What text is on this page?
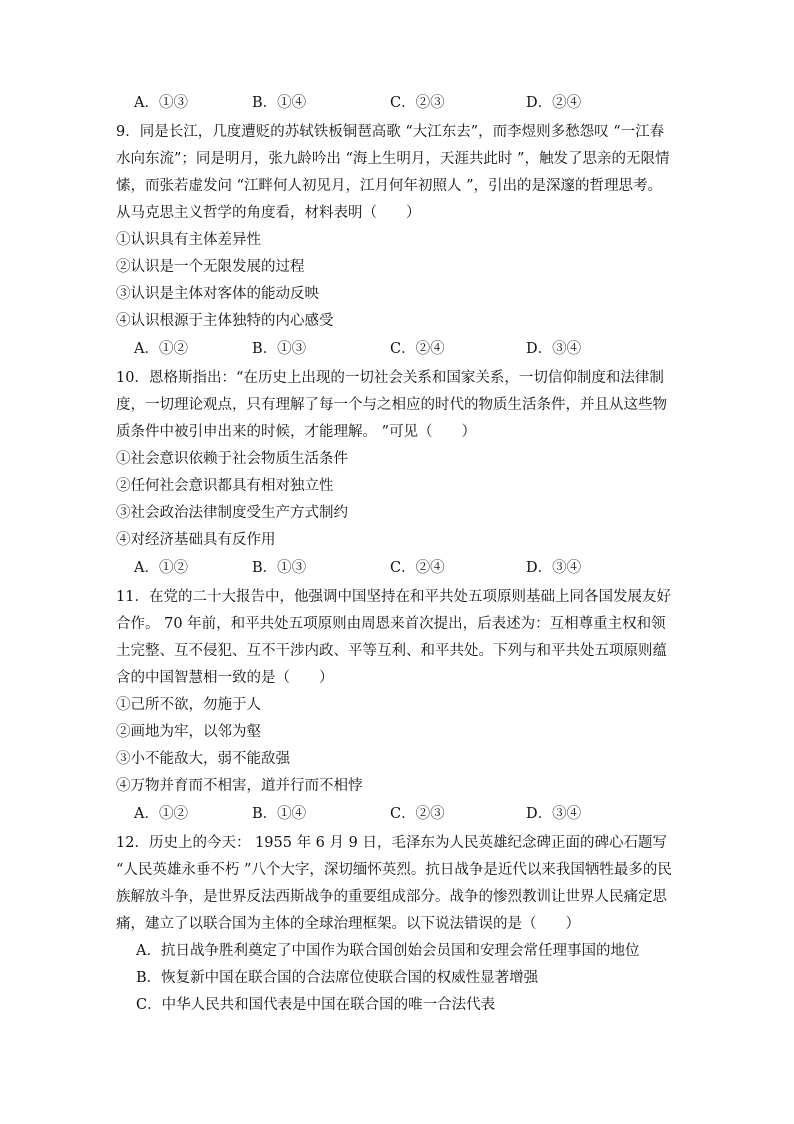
A．①③	B．①④	C．②③	D．②④
9．同是长江，几度遭贬的苏轼铁板铜琶高歌 “大江东去”，而李煜则多愁怨叹 “一江春
水向东流”；同是明月，张九龄吟出 “海上生明月，天涯共此时 ”，触发了思亲的无限情
愫，而张若虚发问 “江畔何人初见月，江月何年初照人 ”，引出的是深邃的哲理思考。
从马克思主义哲学的角度看，材料表明（　　）
①认识具有主体差异性
②认识是一个无限发展的过程
③认识是主体对客体的能动反映
④认识根源于主体独特的内心感受
A．①②	B．①③	C．②④	D．③④
10．恩格斯指出：“在历史上出现的一切社会关系和国家关系，一切信仰制度和法律制
度，一切理论观点，只有理解了每一个与之相应的时代的物质生活条件，并且从这些物
质条件中被引申出来的时候，才能理解。 ”可见（　　）
①社会意识依赖于社会物质生活条件
②任何社会意识都具有相对独立性
③社会政治法律制度受生产方式制约
④对经济基础具有反作用
A．①②	B．①③	C．②④	D．③④
11．在党的二十大报告中，他强调中国坚持在和平共处五项原则基础上同各国发展友好
合作。 70 年前，和平共处五项原则由周恩来首次提出，后表述为：互相尊重主权和领
土完整、互不侵犯、互不干涉内政、平等互利、和平共处。下列与和平共处五项原则蕴
含的中国智慧相一致的是（　　）
①己所不欲，勿施于人
②画地为牢，以邻为壑
③小不能敌大，弱不能敌强
④万物并育而不相害，道并行而不相悖
A．①②	B．①④	C．②③	D．③④
12．历史上的今天： 1955 年 6 月 9 日，毛泽东为人民英雄纪念碑正面的碑心石题写
“人民英雄永垂不朽 ”八个大字，深切缅怀英烈。抗日战争是近代以来我国牺牲最多的民
族解放斗争，是世界反法西斯战争的重要组成部分。战争的惨烈教训让世界人民痛定思
痛，建立了以联合国为主体的全球治理框架。以下说法错误的是（　　）
A．抗日战争胜利奠定了中国作为联合国创始会员国和安理会常任理事国的地位
B．恢复新中国在联合国的合法席位使联合国的权威性显著增强
C．中华人民共和国代表是中国在联合国的唯一合法代表
